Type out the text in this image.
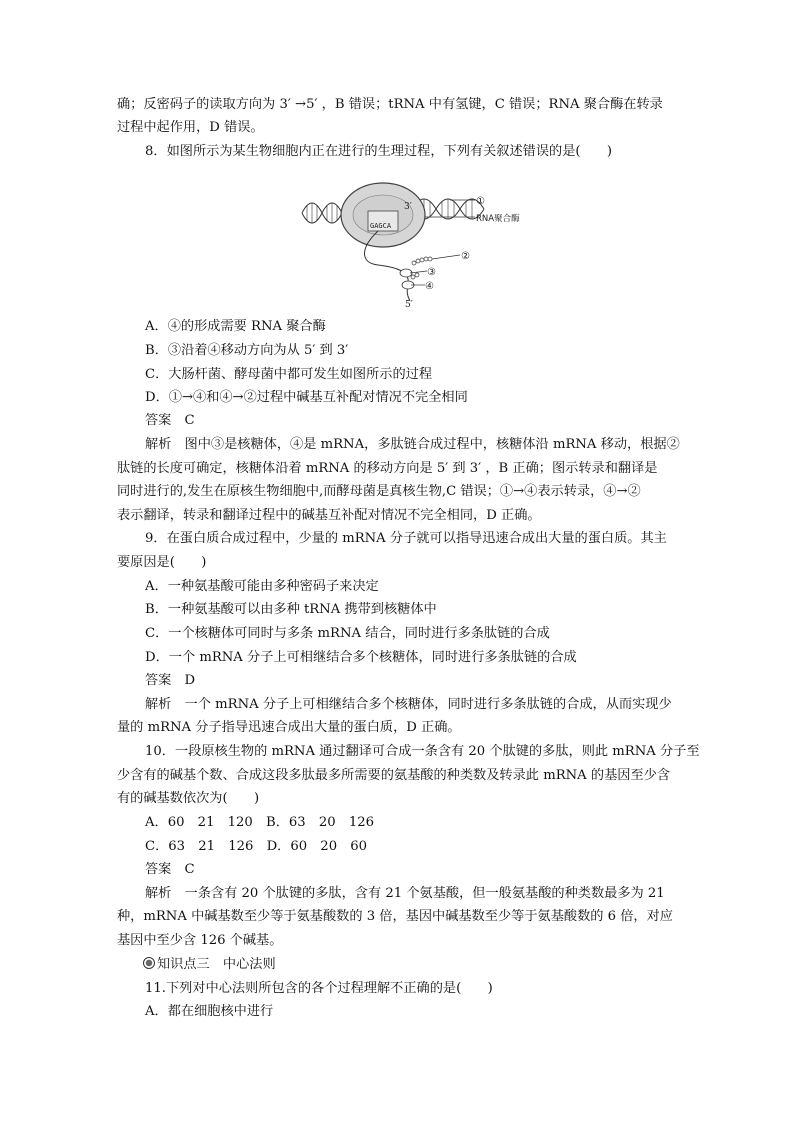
确；反密码子的读取方向为 3′ →5′ ，B 错误；tRNA 中有氢键，C 错误；RNA 聚合酶在转录
过程中起作用，D 错误。
8．如图所示为某生物细胞内正在进行的生理过程，下列有关叙述错误的是(　　)
GAGCA
3′
5′
①
RNA聚合酶
②
③
④
A．④的形成需要 RNA 聚合酶
B．③沿着④移动方向为从 5′ 到 3′
C．大肠杆菌、酵母菌中都可发生如图所示的过程
D．①→④和④→②过程中碱基互补配对情况不完全相同
答案　C
解析　图中③是核糖体，④是 mRNA，多肽链合成过程中，核糖体沿 mRNA 移动，根据②
肽链的长度可确定，核糖体沿着 mRNA 的移动方向是 5′ 到 3′ ，B 正确；图示转录和翻译是
同时进行的,发生在原核生物细胞中,而酵母菌是真核生物,C 错误；①→④表示转录，④→②
表示翻译，转录和翻译过程中的碱基互补配对情况不完全相同，D 正确。
9．在蛋白质合成过程中，少量的 mRNA 分子就可以指导迅速合成出大量的蛋白质。其主
要原因是(　　)
A．一种氨基酸可能由多种密码子来决定
B．一种氨基酸可以由多种 tRNA 携带到核糖体中
C．一个核糖体可同时与多条 mRNA 结合，同时进行多条肽链的合成
D．一个 mRNA 分子上可相继结合多个核糖体，同时进行多条肽链的合成
答案　D
解析　一个 mRNA 分子上可相继结合多个核糖体，同时进行多条肽链的合成，从而实现少
量的 mRNA 分子指导迅速合成出大量的蛋白质，D 正确。
10．一段原核生物的 mRNA 通过翻译可合成一条含有 20 个肽键的多肽，则此 mRNA 分子至
少含有的碱基个数、合成这段多肽最多所需要的氨基酸的种类数及转录此 mRNA 的基因至少含
有的碱基数依次为(　　)
A．60　21　120　B．63　20　126
C．63　21　126　D．60　20　60
答案　C
解析　一条含有 20 个肽键的多肽，含有 21 个氨基酸，但一般氨基酸的种类数最多为 21
种，mRNA 中碱基数至少等于氨基酸数的 3 倍，基因中碱基数至少等于氨基酸数的 6 倍，对应
基因中至少含 126 个碱基。
知识点三　中心法则
11.下列对中心法则所包含的各个过程理解不正确的是(　　)
A．都在细胞核中进行
